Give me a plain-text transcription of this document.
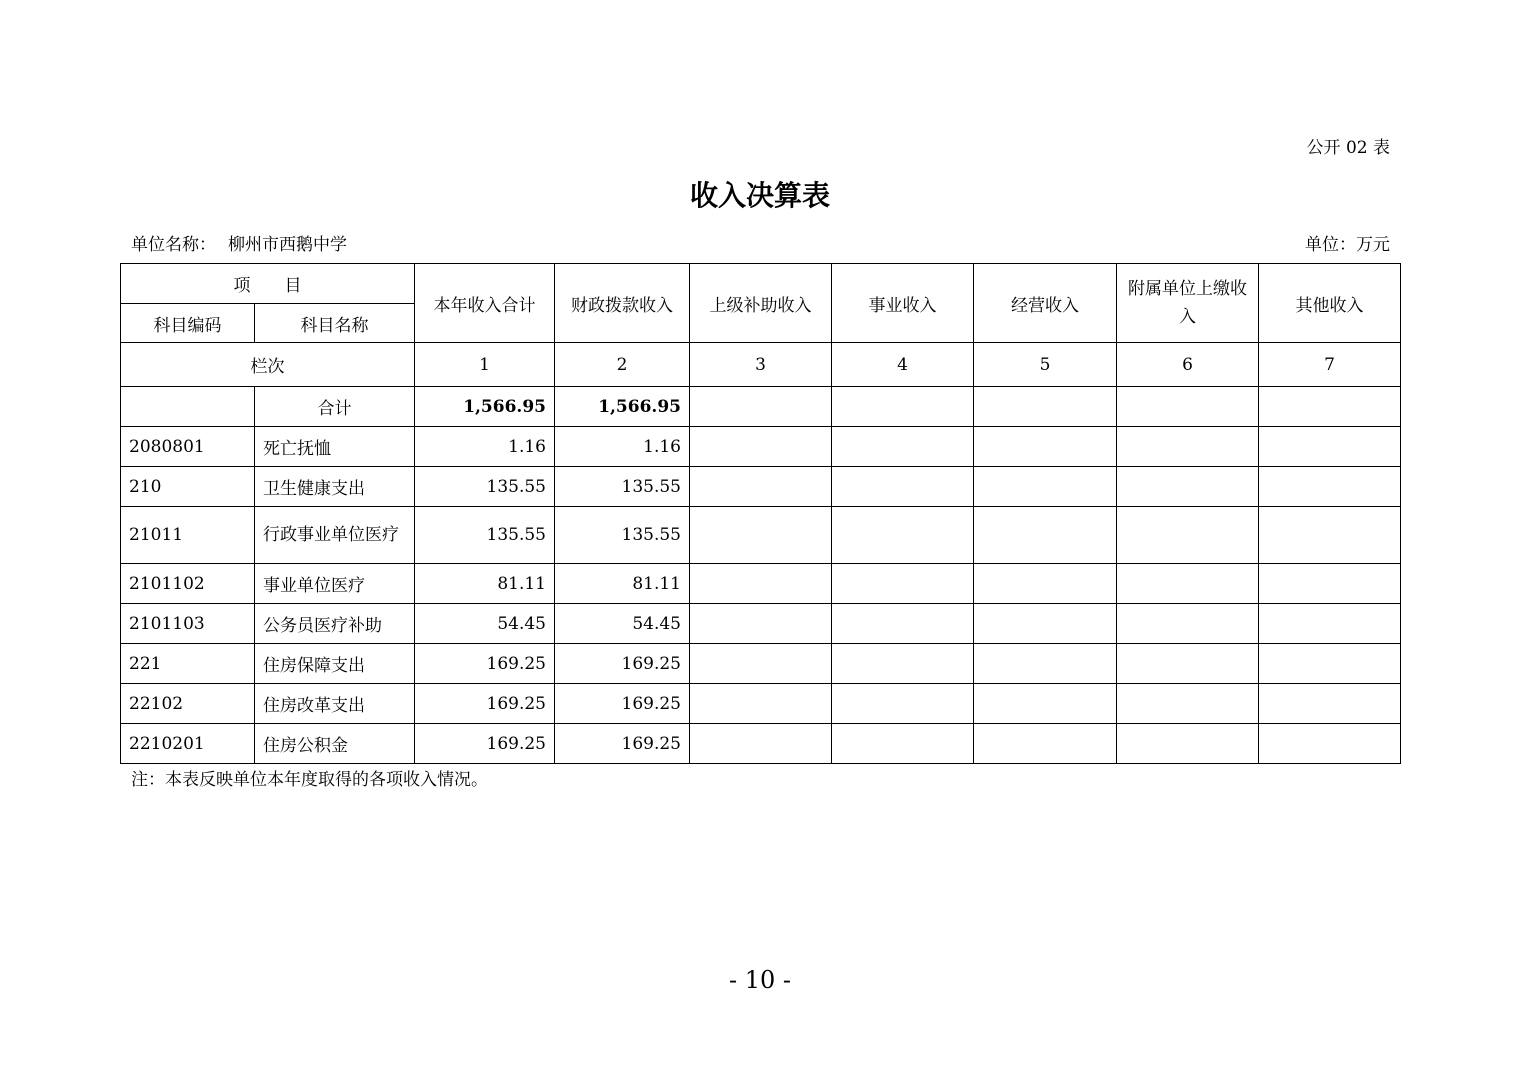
公开 02 表
收入决算表
单位名称： 柳州市西鹅中学	单位：万元
项　　目		本年收入合计	财政拨款收入	上级补助收入	事业收入	经营收入	附属单位上缴收入	其他收入
科目编码	科目名称							
栏次		1	2	3	4	5	6	7
	合计	1,566.95	1,566.95					
2080801	死亡抚恤	1.16	1.16					
210	卫生健康支出	135.55	135.55					
21011	行政事业单位医疗	135.55	135.55					
2101102	事业单位医疗	81.11	81.11					
2101103	公务员医疗补助	54.45	54.45					
221	住房保障支出	169.25	169.25					
22102	住房改革支出	169.25	169.25					
2210201	住房公积金	169.25	169.25					
注：本表反映单位本年度取得的各项收入情况。
- 10 -
